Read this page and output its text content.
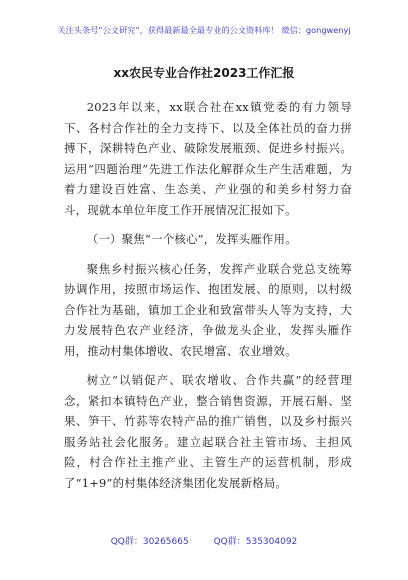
关注头条号“公文研究”，获得最新最全最专业的公文资料库！ 微信：gongwenyj
xx农民专业合作社2023工作汇报

2023年以来，xx联合社在xx镇党委的有力领导下、各村合作社的全力支持下、以及全体社员的奋力拼搏下，深耕特色产业、破除发展瓶颈、促进乡村振兴。运用“四题治理”先进工作法化解群众生产生活难题，为着力建设百姓富、生态美、产业强的和美乡村努力奋斗，现就本单位年度工作开展情况汇报如下。

（一）聚焦“一个核心”，发挥头雁作用。

聚焦乡村振兴核心任务，发挥产业联合党总支统筹协调作用，按照市场运作、抱团发展、的原则，以村级合作社为基础，镇加工企业和致富带头人等为支持，大力发展特色农产业经济，争做龙头企业，发挥头雁作用，推动村集体增收、农民增富、农业增效。

树立“以销促产、联农增收、合作共赢”的经营理念，紧扣本镇特色产业，整合销售资源，开展石斛、坚果、笋干、竹荪等农特产品的推广销售，以及乡村振兴服务站社会化服务。建立起联合社主管市场、主担风险，村合作社主推产业、主管生产的运营机制，形成了“1+9”的村集体经济集团化发展新格局。

QQ群：30265665	QQ群：535304092
